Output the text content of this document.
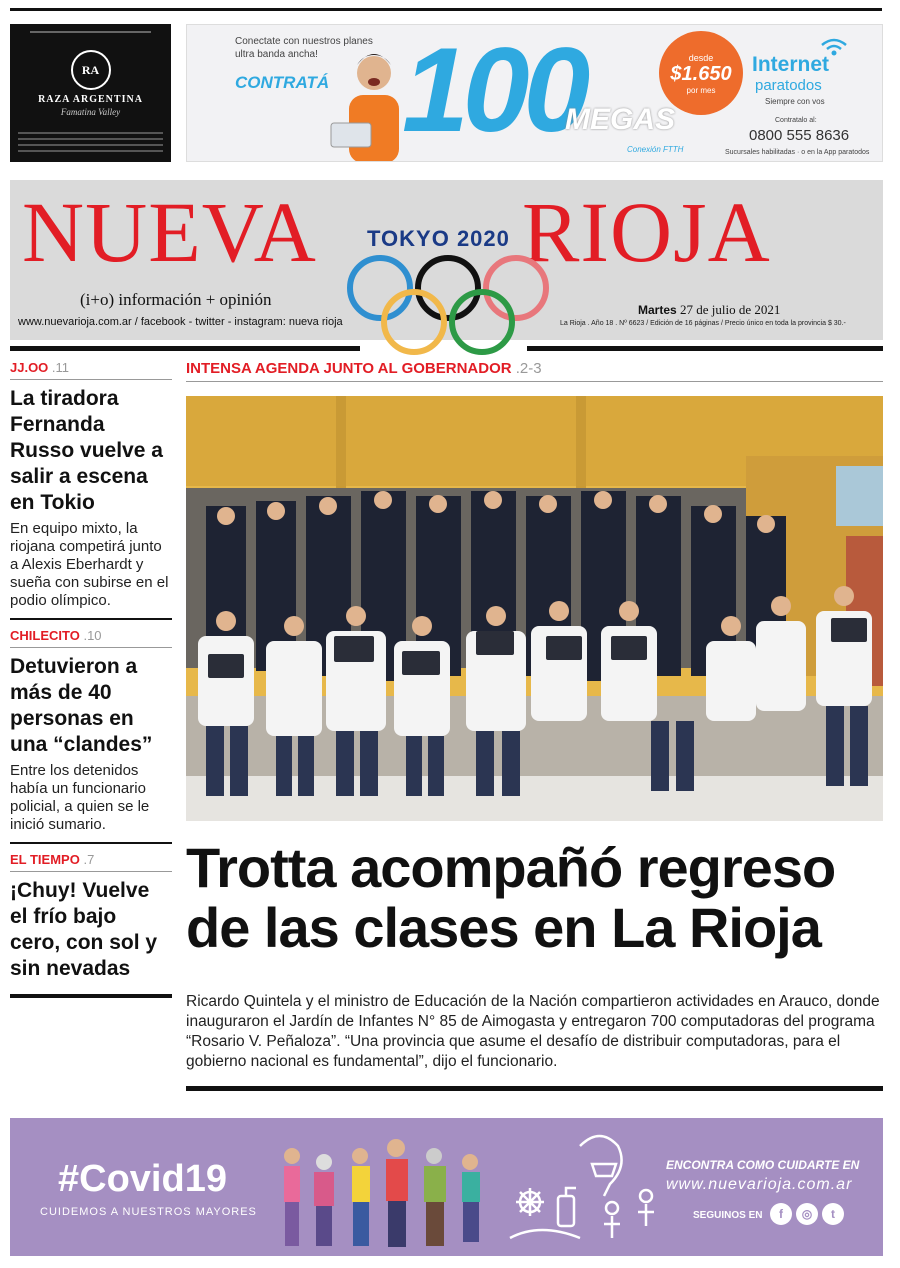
RA
RAZA ARGENTINA
Famatina Valley
Conectate con nuestros planes ultra banda ancha!
CONTRATÁ 100
MEGAS
Conexión FTTH
desde
$1.650
por mes
Internet
paratodos
Siempre con vos
Contratalo al:
0800 555 8636
Sucursales habilitadas · o en la App paratodos
NUEVA RIOJA
TOKYO 2020
(i+o) información + opinión
www.nuevarioja.com.ar / facebook - twitter - instagram: nueva rioja
Martes 27 de julio de 2021
La Rioja . Año 18 . Nº 6623 / Edición de 16 páginas / Precio único en toda la provincia $ 30.-
JJ.OO .11
La tiradora Fernanda Russo vuelve a salir a escena en Tokio
En equipo mixto, la riojana competirá junto a Alexis Eberhardt y sueña con subirse en el podio olímpico.
CHILECITO .10
Detuvieron a más de 40 personas en una “clandes”
Entre los detenidos había un funcionario policial, a quien se le inició sumario.
EL TIEMPO .7
¡Chuy! Vuelve el frío bajo cero, con sol y sin nevadas
INTENSA AGENDA JUNTO AL GOBERNADOR .2-3
Trotta acompañó regreso de las clases en La Rioja
Ricardo Quintela y el ministro de Educación de la Nación compartieron actividades en Arauco, donde inauguraron el Jardín de Infantes N° 85 de Aimogasta y entregaron 700 computadoras del programa “Rosario V. Peñaloza”. “Una provincia que asume el desafío de distribuir computadoras, para el gobierno nacional es fundamental”, dijo el funcionario.
#Covid19
CUIDEMOS A NUESTROS MAYORES
ENCONTRA COMO CUIDARTE EN
www.nuevarioja.com.ar
SEGUINOS EN	f	◎	t
